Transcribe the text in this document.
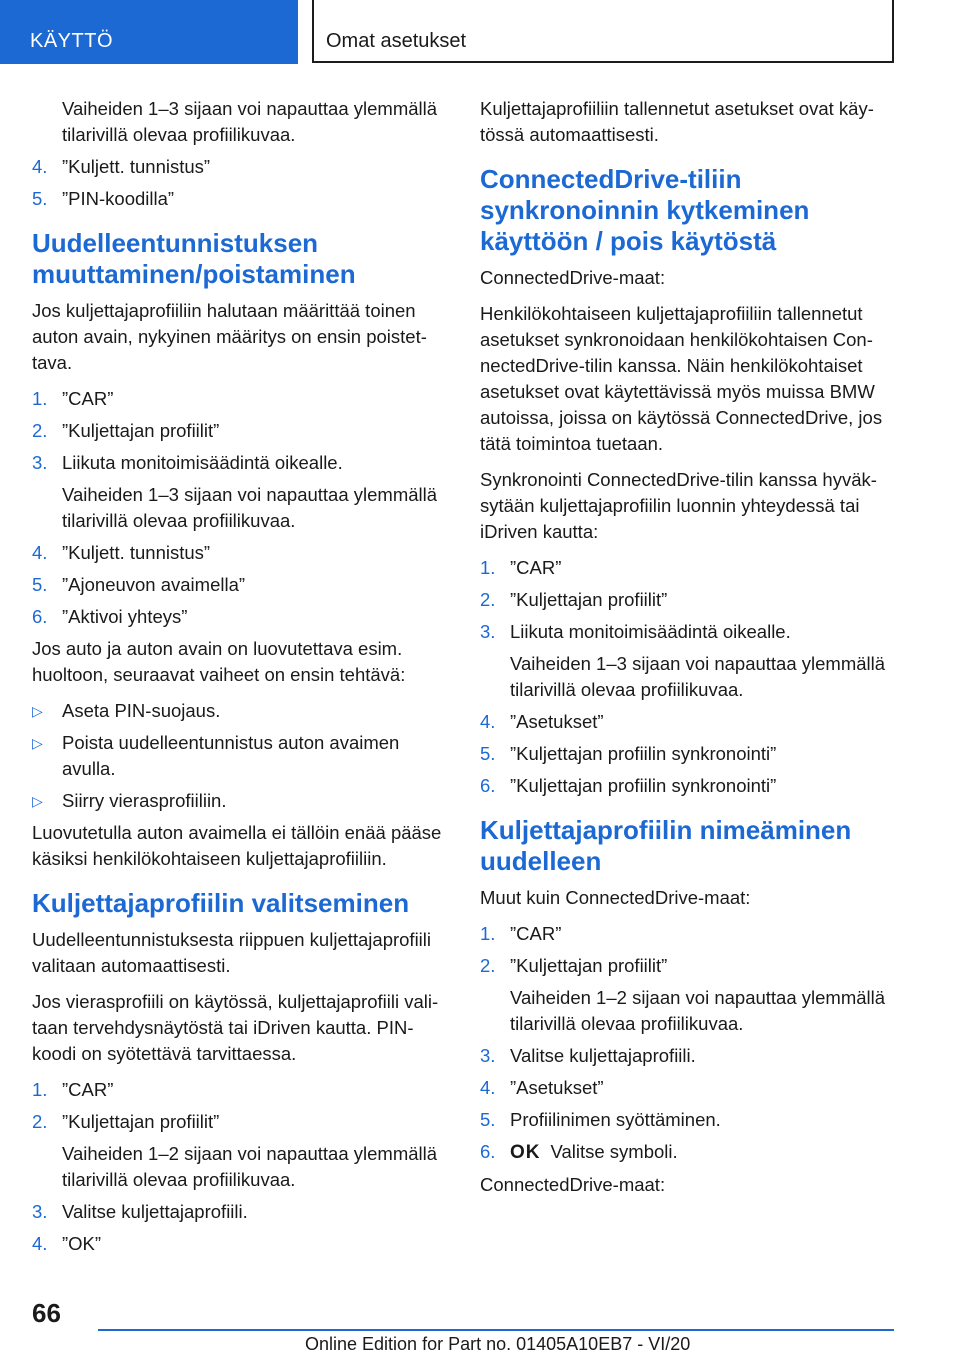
KÄYTTÖ	Omat asetukset
Vaiheiden 1–3 sijaan voi napauttaa ylemmällä tilarivillä olevaa profiilikuvaa.
4. ”Kuljett. tunnistus”
5. ”PIN-koodilla”
Uudelleentunnistuksen muuttaminen/poistaminen

Jos kuljettajaprofiiliin halutaan määrittää toinen auton avain, nykyinen määritys on ensin poistettava.

1. ”CAR”
2. ”Kuljettajan profiilit”
3. Liikuta monitoimisäädintä oikealle.
Vaiheiden 1–3 sijaan voi napauttaa ylemmällä tilarivillä olevaa profiilikuvaa.
4. ”Kuljett. tunnistus”
5. ”Ajoneuvon avaimella”
6. ”Aktivoi yhteys”

Jos auto ja auton avain on luovutettava esim. huoltoon, seuraavat vaiheet on ensin tehtävä:

▷ Aseta PIN-suojaus.
▷ Poista uudelleentunnistus auton avaimen avulla.
▷ Siirry vierasprofiiliin.

Luovutetulla auton avaimella ei tällöin enää pääse käsiksi henkilökohtaiseen kuljettajaprofiiliin.

Kuljettajaprofiilin valitseminen

Uudelleentunnistuksesta riippuen kuljettajaprofiili valitaan automaattisesti.

Jos vierasprofiili on käytössä, kuljettajaprofiili valitaan tervehdysnäytöstä tai iDriven kautta. PIN-koodi on syötettävä tarvittaessa.

1. ”CAR”
2. ”Kuljettajan profiilit”
Vaiheiden 1–2 sijaan voi napauttaa ylemmällä tilarivillä olevaa profiilikuvaa.
3. Valitse kuljettajaprofiili.
4. ”OK”

Kuljettajaprofiiliin tallennetut asetukset ovat käytössä automaattisesti.

ConnectedDrive-tiliin synkronoinnin kytkeminen käyttöön / pois käytöstä

ConnectedDrive-maat:

Henkilökohtaiseen kuljettajaprofiiliin tallennetut asetukset synkronoidaan henkilökohtaisen ConnectedDrive-tilin kanssa. Näin henkilökohtaiset asetukset ovat käytettävissä myös muissa BMW autoissa, joissa on käytössä ConnectedDrive, jos tätä toimintoa tuetaan.

Synkronointi ConnectedDrive-tilin kanssa hyväksytään kuljettajaprofiilin luonnin yhteydessä tai iDriven kautta:

1. ”CAR”
2. ”Kuljettajan profiilit”
3. Liikuta monitoimisäädintä oikealle.
Vaiheiden 1–3 sijaan voi napauttaa ylemmällä tilarivillä olevaa profiilikuvaa.
4. ”Asetukset”
5. ”Kuljettajan profiilin synkronointi”
6. ”Kuljettajan profiilin synkronointi”
Kuljettajaprofiilin nimeäminen uudelleen

Muut kuin ConnectedDrive-maat:

1. ”CAR”
2. ”Kuljettajan profiilit”
Vaiheiden 1–2 sijaan voi napauttaa ylemmällä tilarivillä olevaa profiilikuvaa.
3. Valitse kuljettajaprofiili.
4. ”Asetukset”
5. Profiilinimen syöttäminen.
6. OK Valitse symboli.

ConnectedDrive-maat:

66
Online Edition for Part no. 01405A10EB7 - VI/20
